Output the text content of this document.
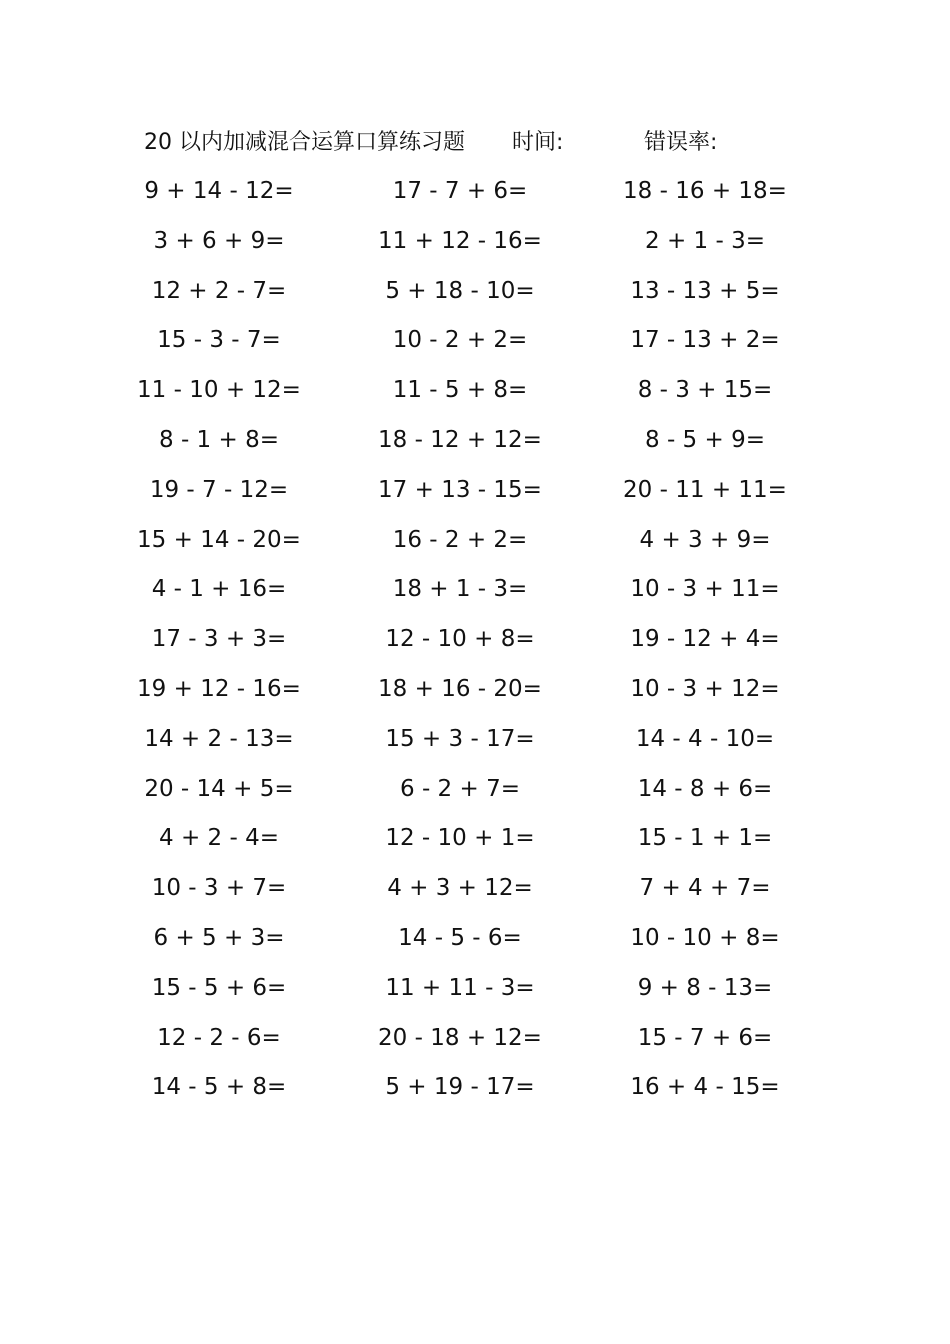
20 以内加减混合运算口算练习题 时间:	错误率:
9 + 14 - 12=	17 - 7 + 6=	18 - 16 + 18=
3 + 6 + 9=	11 + 12 - 16=	2 + 1 - 3=
12 + 2 - 7=	5 + 18 - 10=	13 - 13 + 5=
15 - 3 - 7=	10 - 2 + 2=	17 - 13 + 2=
11 - 10 + 12=	11 - 5 + 8=	8 - 3 + 15=
8 - 1 + 8=	18 - 12 + 12=	8 - 5 + 9=
19 - 7 - 12=	17 + 13 - 15=	20 - 11 + 11=
15 + 14 - 20=	16 - 2 + 2=	4 + 3 + 9=
4 - 1 + 16=	18 + 1 - 3=	10 - 3 + 11=
17 - 3 + 3=	12 - 10 + 8=	19 - 12 + 4=
19 + 12 - 16=	18 + 16 - 20=	10 - 3 + 12=
14 + 2 - 13=	15 + 3 - 17=	14 - 4 - 10=
20 - 14 + 5=	6 - 2 + 7=	14 - 8 + 6=
4 + 2 - 4=	12 - 10 + 1=	15 - 1 + 1=
10 - 3 + 7=	4 + 3 + 12=	7 + 4 + 7=
6 + 5 + 3=	14 - 5 - 6=	10 - 10 + 8=
15 - 5 + 6=	11 + 11 - 3=	9 + 8 - 13=
12 - 2 - 6=	20 - 18 + 12=	15 - 7 + 6=
14 - 5 + 8=	5 + 19 - 17=	16 + 4 - 15=
